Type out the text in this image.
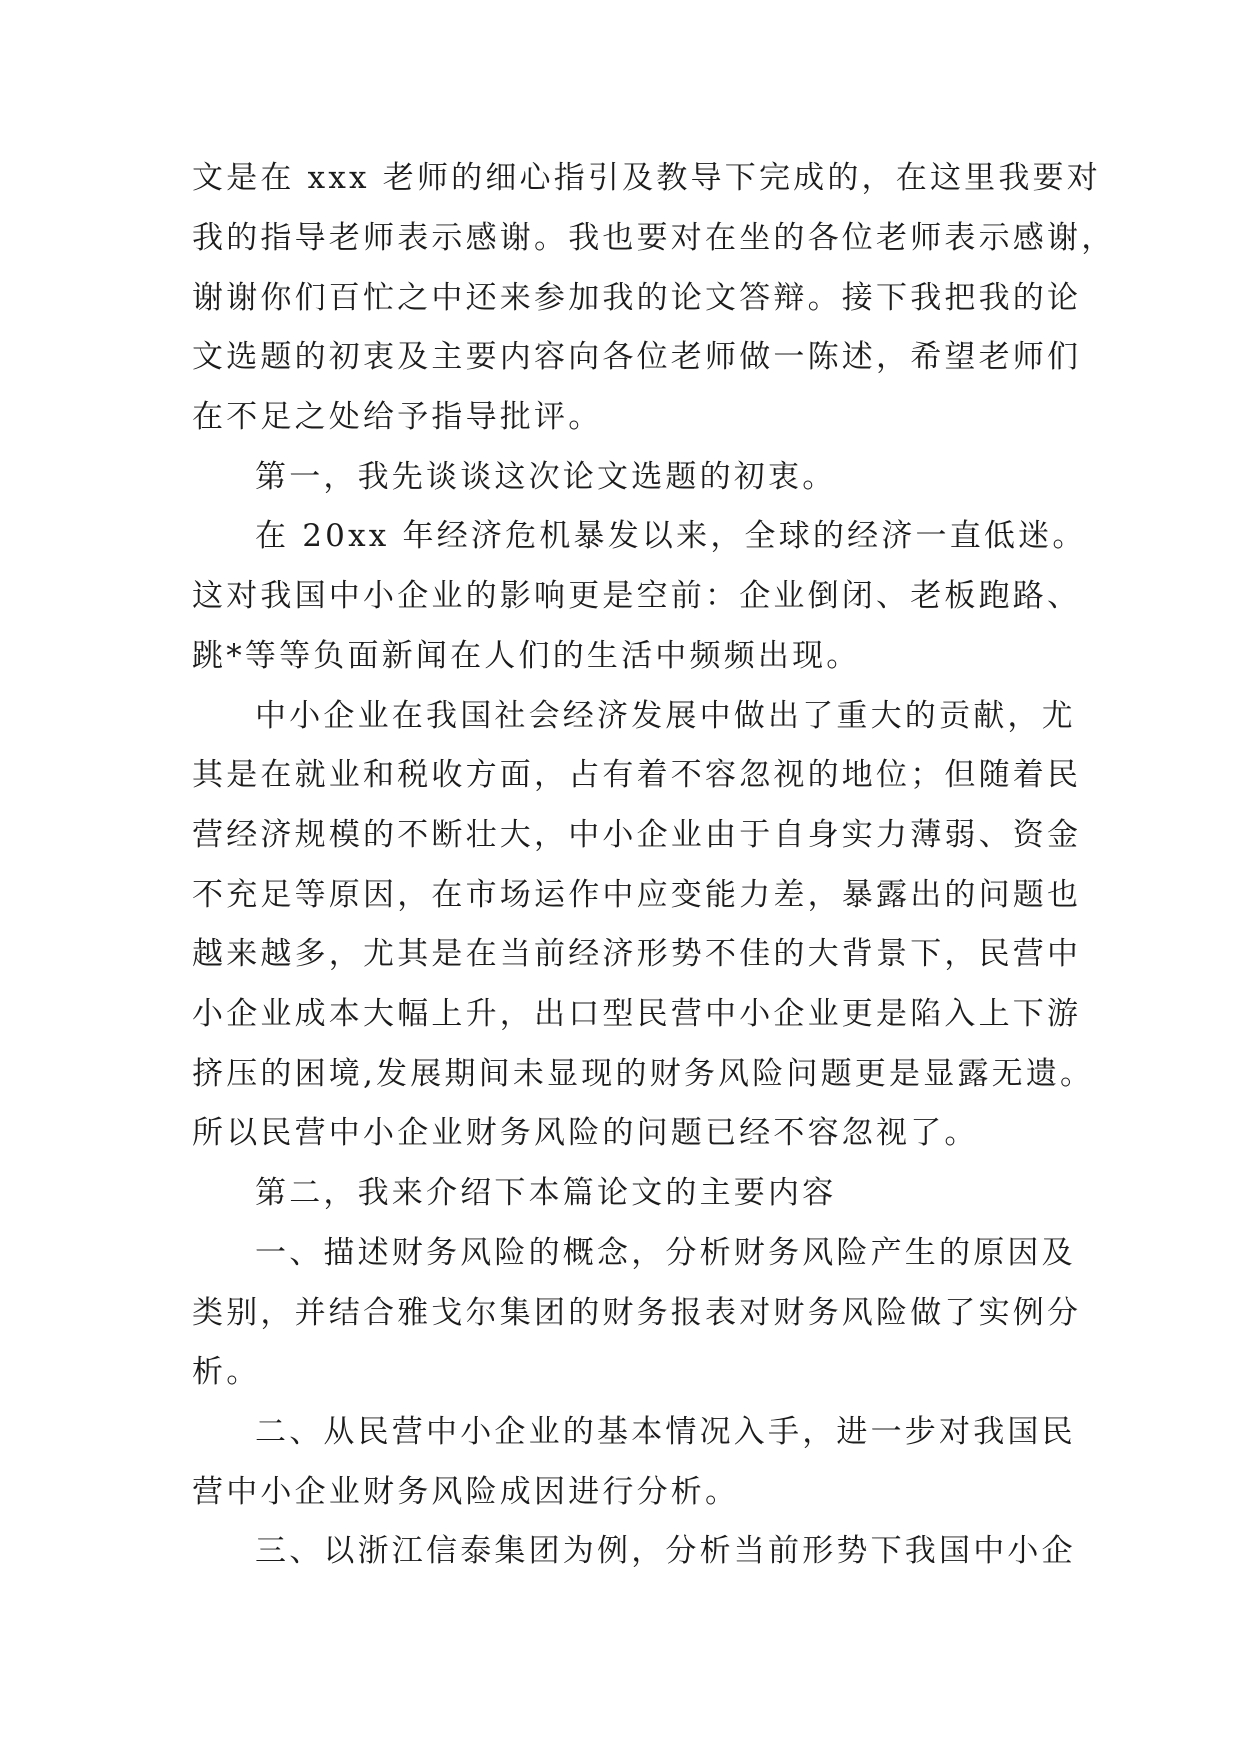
文是在 xxx 老师的细心指引及教导下完成的，在这里我要对
我的指导老师表示感谢。我也要对在坐的各位老师表示感谢，
谢谢你们百忙之中还来参加我的论文答辩。接下我把我的论
文选题的初衷及主要内容向各位老师做一陈述，希望老师们
在不足之处给予指导批评。
第一，我先谈谈这次论文选题的初衷。
在 20xx 年经济危机暴发以来，全球的经济一直低迷。
这对我国中小企业的影响更是空前：企业倒闭、老板跑路、
跳*等等负面新闻在人们的生活中频频出现。
中小企业在我国社会经济发展中做出了重大的贡献，尤
其是在就业和税收方面，占有着不容忽视的地位；但随着民
营经济规模的不断壮大，中小企业由于自身实力薄弱、资金
不充足等原因，在市场运作中应变能力差，暴露出的问题也
越来越多，尤其是在当前经济形势不佳的大背景下，民营中
小企业成本大幅上升，出口型民营中小企业更是陷入上下游
挤压的困境,发展期间未显现的财务风险问题更是显露无遗。
所以民营中小企业财务风险的问题已经不容忽视了。
第二，我来介绍下本篇论文的主要内容
一、描述财务风险的概念，分析财务风险产生的原因及
类别，并结合雅戈尔集团的财务报表对财务风险做了实例分
析。
二、从民营中小企业的基本情况入手，进一步对我国民
营中小企业财务风险成因进行分析。
三、以浙江信泰集团为例，分析当前形势下我国中小企
